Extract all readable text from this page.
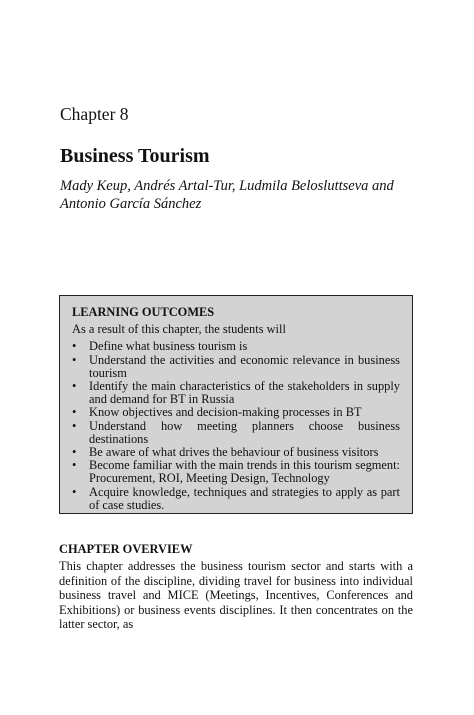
Chapter 8
Business Tourism
Mady Keup, Andrés Artal-Tur, Ludmila Belosluttseva and Antonio García Sánchez
LEARNING OUTCOMES
As a result of this chapter, the students will
• Define what business tourism is
• Understand the activities and economic relevance in business tourism
• Identify the main characteristics of the stakeholders in supply and demand for BT in Russia
• Know objectives and decision-making processes in BT
• Understand how meeting planners choose business destinations
• Be aware of what drives the behaviour of business visitors
• Become familiar with the main trends in this tourism segment: Procurement, ROI, Meeting Design, Technology
• Acquire knowledge, techniques and strategies to apply as part of case studies.
CHAPTER OVERVIEW
This chapter addresses the business tourism sector and starts with a definition of the discipline, dividing travel for business into individual business travel and MICE (Meetings, Incentives, Conferences and Exhibitions) or business events disciplines. It then concentrates on the latter sector, as
